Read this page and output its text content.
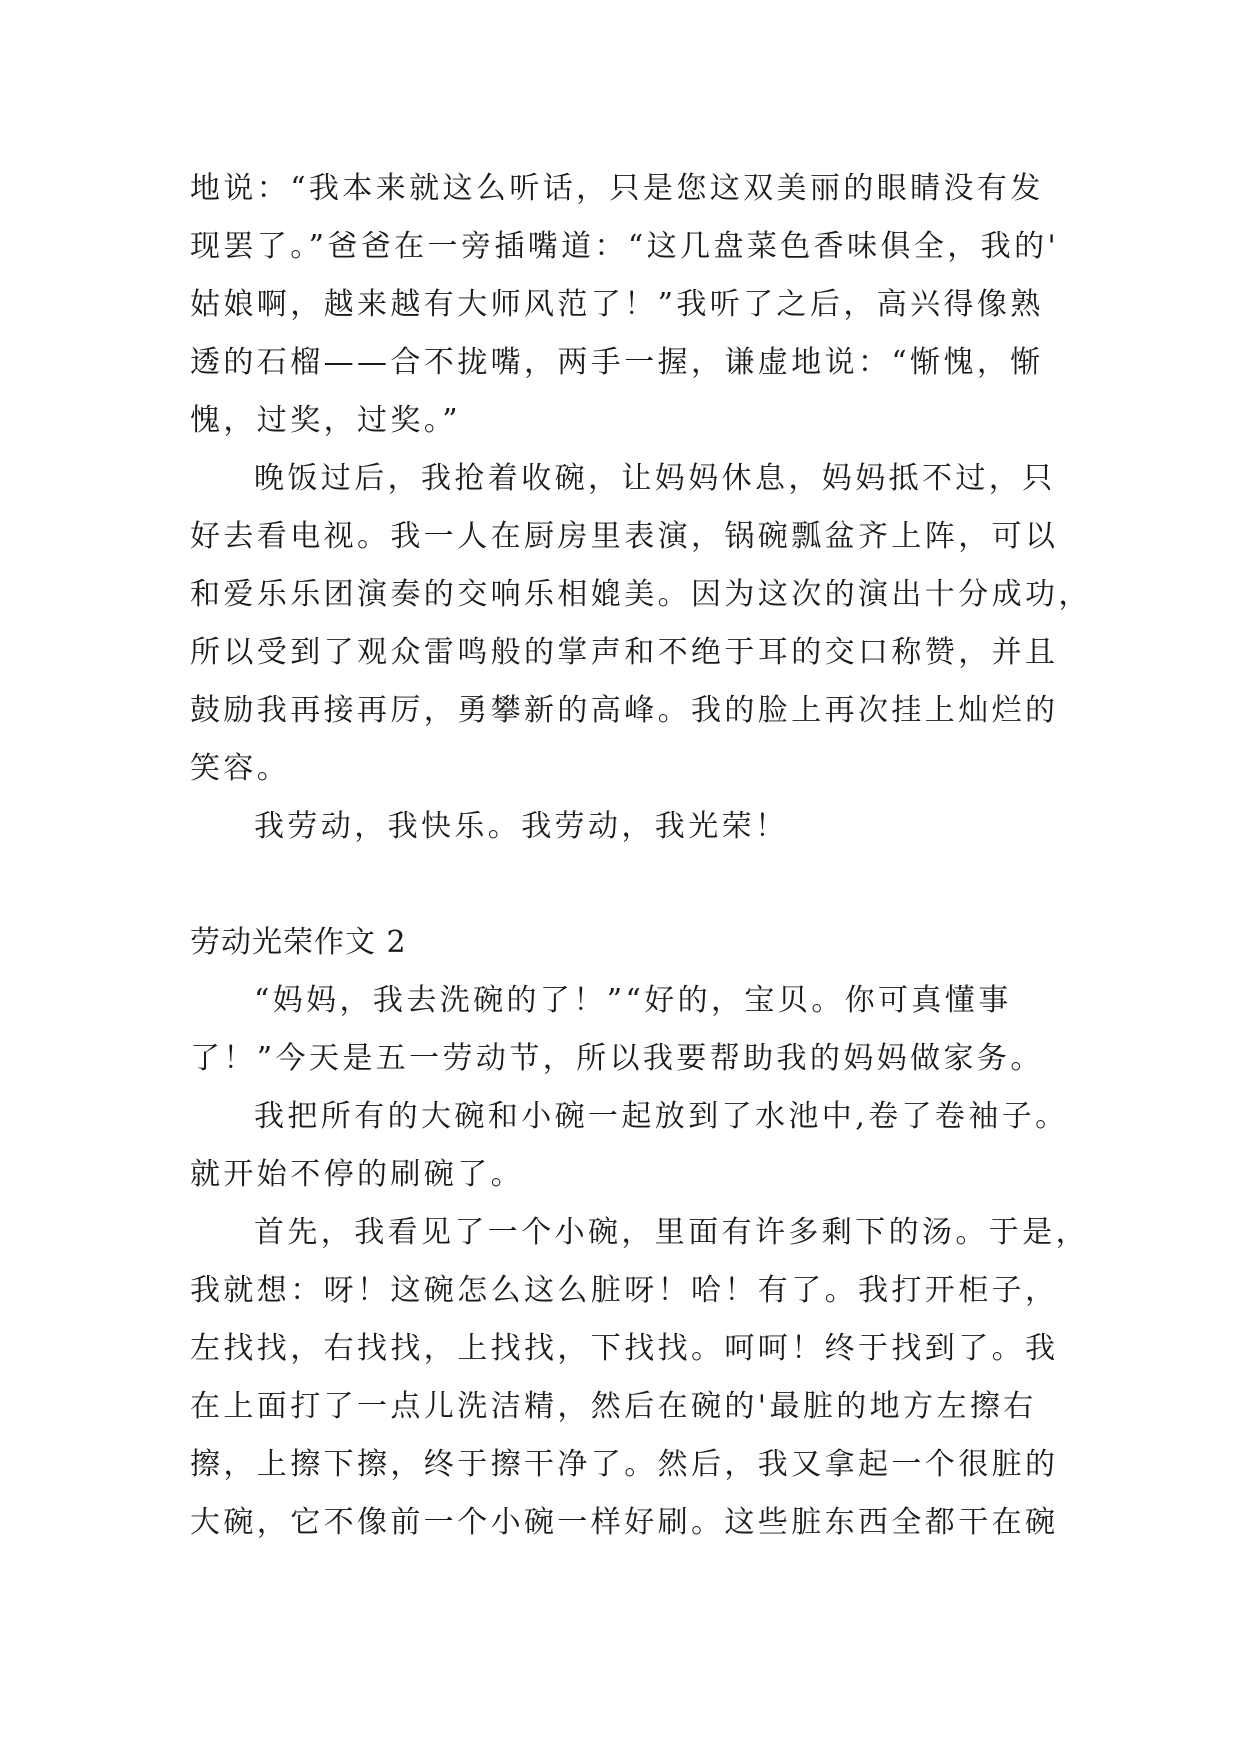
地说：“我本来就这么听话，只是您这双美丽的眼睛没有发
现罢了。”爸爸在一旁插嘴道：“这几盘菜色香味俱全，我的'
姑娘啊，越来越有大师风范了！”我听了之后，高兴得像熟
透的石榴——合不拢嘴，两手一握，谦虚地说：“惭愧，惭
愧，过奖，过奖。”
晚饭过后，我抢着收碗，让妈妈休息，妈妈抵不过，只
好去看电视。我一人在厨房里表演，锅碗瓢盆齐上阵，可以
和爱乐乐团演奏的交响乐相媲美。因为这次的演出十分成功，
所以受到了观众雷鸣般的掌声和不绝于耳的交口称赞，并且
鼓励我再接再厉，勇攀新的高峰。我的脸上再次挂上灿烂的
笑容。
我劳动，我快乐。我劳动，我光荣！
劳动光荣作文 2
“妈妈，我去洗碗的了！”“好的，宝贝。你可真懂事
了！”今天是五一劳动节，所以我要帮助我的妈妈做家务。
我把所有的大碗和小碗一起放到了水池中,卷了卷袖子。
就开始不停的刷碗了。
首先，我看见了一个小碗，里面有许多剩下的汤。于是，
我就想：呀！这碗怎么这么脏呀！哈！有了。我打开柜子，
左找找，右找找，上找找，下找找。呵呵！终于找到了。我
在上面打了一点儿洗洁精，然后在碗的'最脏的地方左擦右
擦，上擦下擦，终于擦干净了。然后，我又拿起一个很脏的
大碗，它不像前一个小碗一样好刷。这些脏东西全都干在碗
